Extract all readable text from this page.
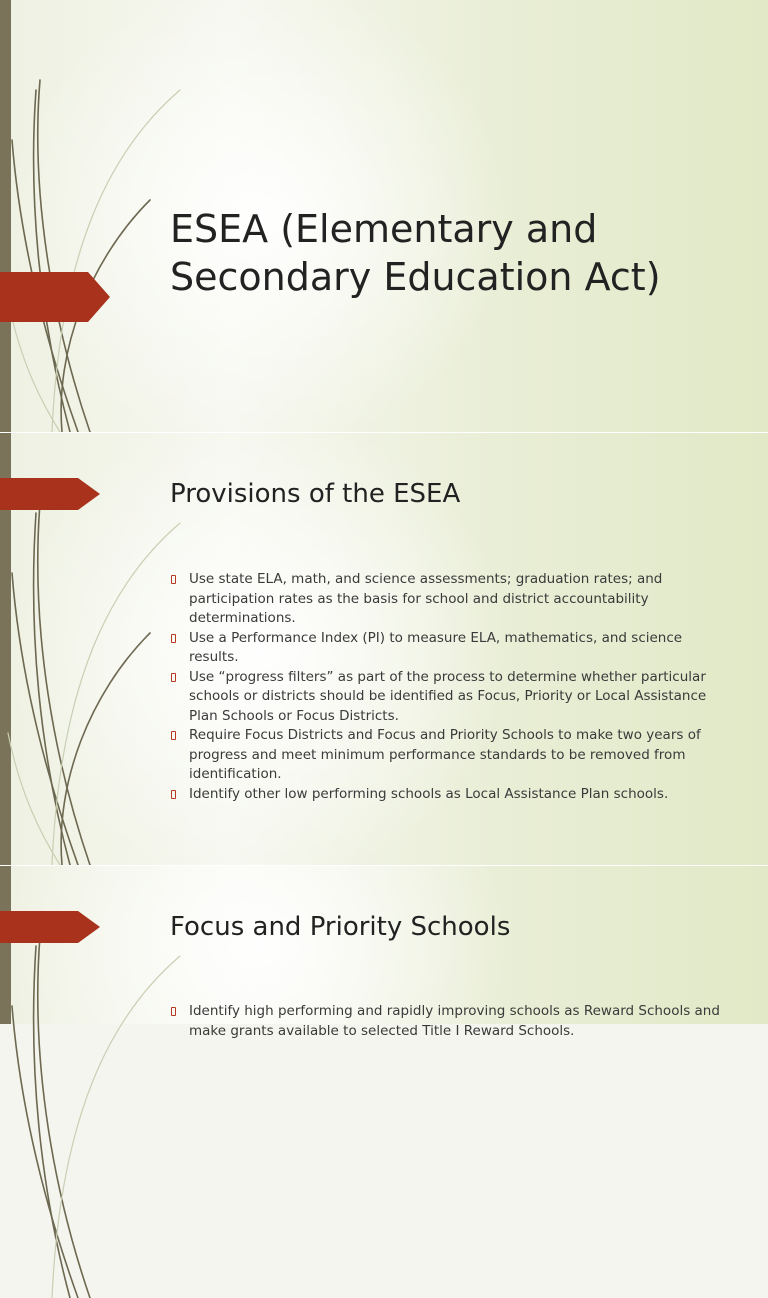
ESEA (Elementary and Secondary Education Act)
Provisions of the ESEA
Use state ELA, math, and science assessments; graduation rates; and participation rates as the basis for school and district accountability determinations.
Use a Performance Index (PI) to measure ELA, mathematics, and science results.
Use “progress filters” as part of the process to determine whether particular schools or districts should be identified as Focus, Priority or Local Assistance Plan Schools or Focus Districts.
Require Focus Districts and Focus and Priority Schools to make two years of progress and meet minimum performance standards to be removed from identification.
Identify other low performing schools as Local Assistance Plan schools.
Focus and Priority Schools
Identify high performing and rapidly improving schools as Reward Schools and make grants available to selected Title I Reward Schools.
